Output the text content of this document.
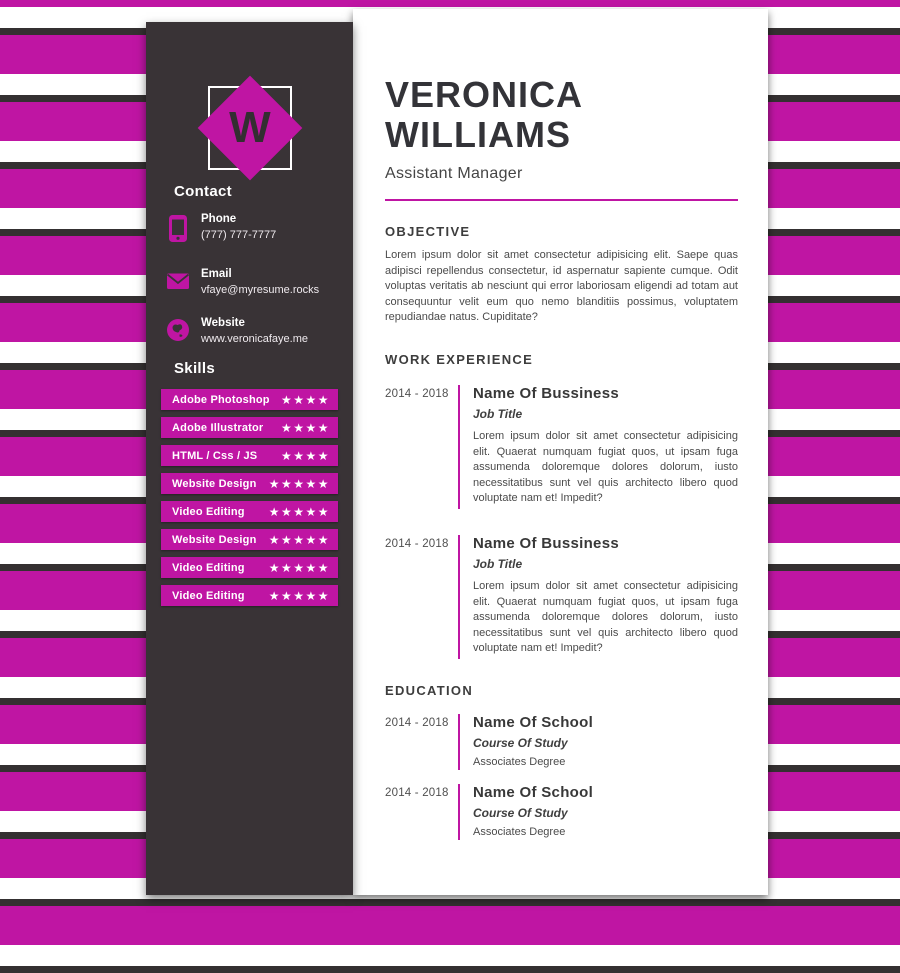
VERONICA
WILLIAMS
Assistant Manager
OBJECTIVE

Lorem ipsum dolor sit amet consectetur adipisicing elit. Saepe quas adipisci repellendus consectetur, id aspernatur sapiente cumque. Odit voluptas veritatis ab nesciunt qui error laboriosam eligendi ad totam aut consequuntur velit eum quo nemo blanditiis possimus, voluptatem repudiandae natus. Cupiditate?

WORK EXPERIENCE
2014 - 2018	Name Of Bussiness
Job Title

Lorem ipsum dolor sit amet consectetur adipisicing elit. Quaerat numquam fugiat quos, ut ipsam fuga assumenda doloremque dolores dolorum, iusto necessitatibus sunt vel quis architecto libero quod voluptate nam et! Impedit?

2014 - 2018	Name Of Bussiness
Job Title

Lorem ipsum dolor sit amet consectetur adipisicing elit. Quaerat numquam fugiat quos, ut ipsam fuga assumenda doloremque dolores dolorum, iusto necessitatibus sunt vel quis architecto libero quod voluptate nam et! Impedit?

EDUCATION
2014 - 2018	Name Of School
Course Of Study
Associates Degree
2014 - 2018	Name Of School
Course Of Study
Associates Degree
W
Contact
Phone
(777) 777-7777
Email
vfaye@myresume.rocks
Website
www.veronicafaye.me
Skills
Adobe Photoshop ★★★★
Adobe Illustrator ★★★★
HTML / Css / JS ★★★★
Website Design ★★★★★
Video Editing ★★★★★
Website Design ★★★★★
Video Editing ★★★★★
Video Editing ★★★★★
